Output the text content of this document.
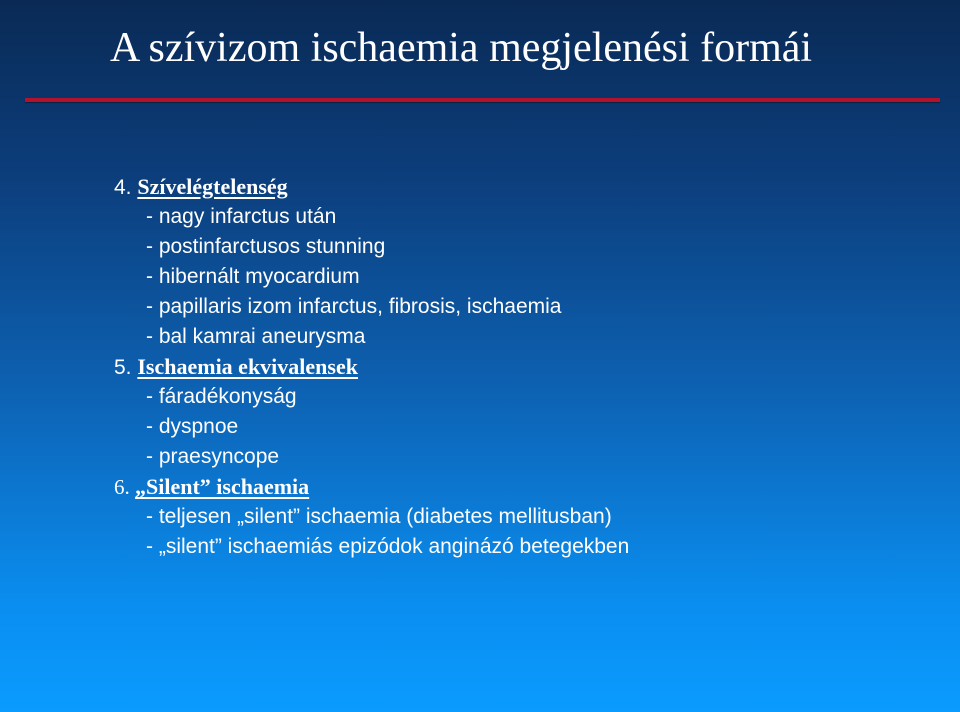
A szívizom ischaemia megjelenési formái
4. Szívelégtelenség
- nagy infarctus után
- postinfarctusos stunning
- hibernált myocardium
- papillaris izom infarctus, fibrosis, ischaemia
- bal kamrai aneurysma
5. Ischaemia ekvivalensek
- fáradékonyság
- dyspnoe
- praesyncope
6. „Silent” ischaemia
- teljesen „silent” ischaemia (diabetes mellitusban)
- „silent” ischaemiás epizódok anginázó betegekben
